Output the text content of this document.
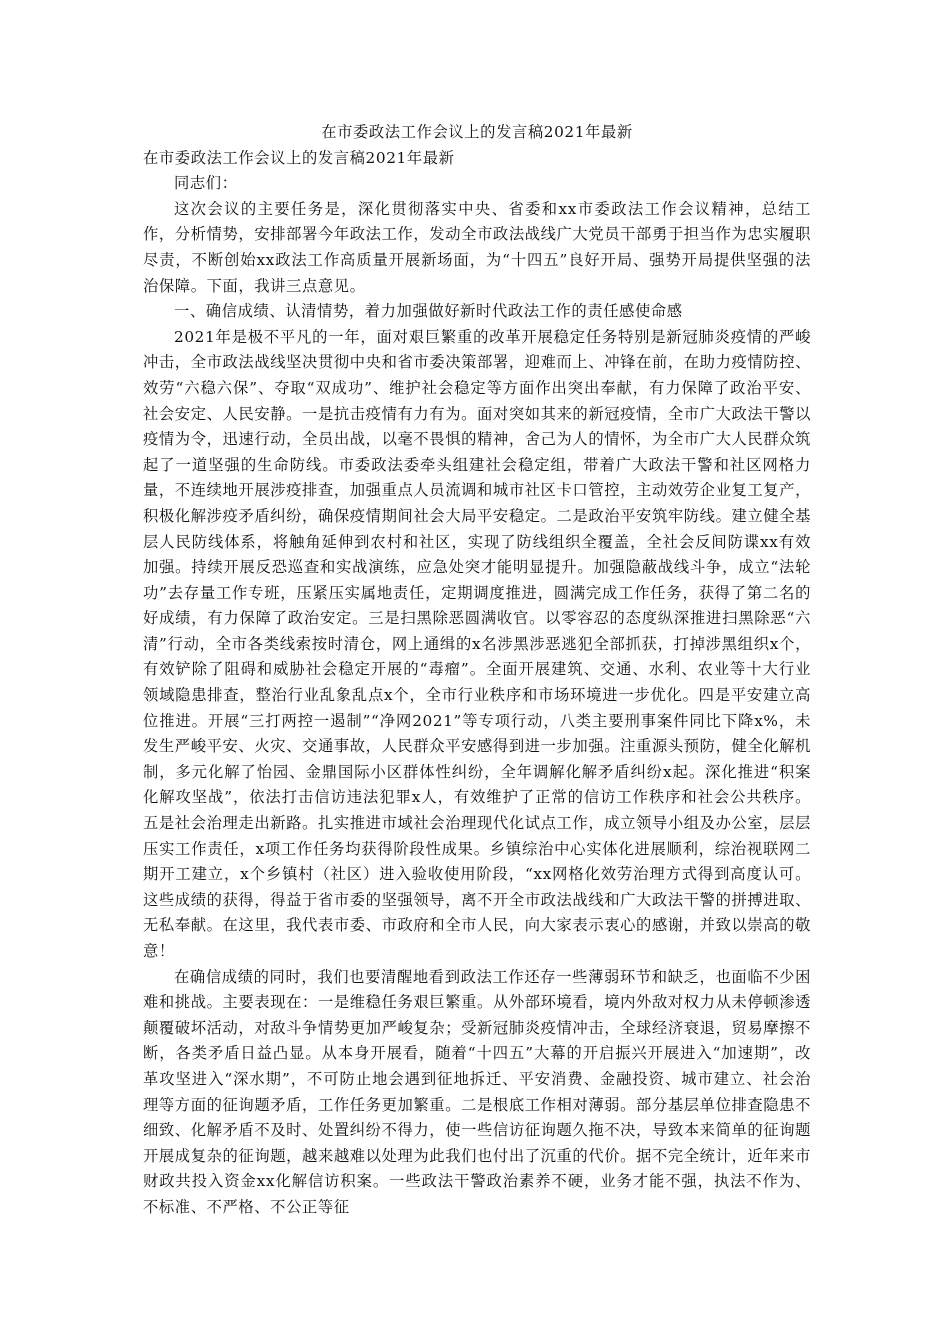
在市委政法工作会议上的发言稿2021年最新

在市委政法工作会议上的发言稿2021年最新

同志们：

这次会议的主要任务是，深化贯彻落实中央、省委和xx市委政法工作会议精神，总结工作，分析情势，安排部署今年政法工作，发动全市政法战线广大党员干部勇于担当作为忠实履职尽责，不断创始xx政法工作高质量开展新场面，为“十四五”良好开局、强势开局提供坚强的法治保障。下面，我讲三点意见。

一、确信成绩、认清情势，着力加强做好新时代政法工作的责任感使命感

2021年是极不平凡的一年，面对艰巨繁重的改革开展稳定任务特别是新冠肺炎疫情的严峻冲击，全市政法战线坚决贯彻中央和省市委决策部署，迎难而上、冲锋在前，在助力疫情防控、效劳“六稳六保”、夺取“双成功”、维护社会稳定等方面作出突出奉献，有力保障了政治平安、社会安定、人民安静。一是抗击疫情有力有为。面对突如其来的新冠疫情，全市广大政法干警以疫情为令，迅速行动，全员出战，以毫不畏惧的精神，舍己为人的情怀，为全市广大人民群众筑起了一道坚强的生命防线。市委政法委牵头组建社会稳定组，带着广大政法干警和社区网格力量，不连续地开展涉疫排查，加强重点人员流调和城市社区卡口管控，主动效劳企业复工复产，积极化解涉疫矛盾纠纷，确保疫情期间社会大局平安稳定。二是政治平安筑牢防线。建立健全基层人民防线体系，将触角延伸到农村和社区，实现了防线组织全覆盖，全社会反间防谍xx有效加强。持续开展反恐巡查和实战演练，应急处突才能明显提升。加强隐蔽战线斗争，成立“法轮功”去存量工作专班，压紧压实属地责任，定期调度推进，圆满完成工作任务，获得了第二名的好成绩，有力保障了政治安定。三是扫黑除恶圆满收官。以零容忍的态度纵深推进扫黑除恶“六清”行动，全市各类线索按时清仓，网上通缉的x名涉黑涉恶逃犯全部抓获，打掉涉黑组织x个，有效铲除了阻碍和威胁社会稳定开展的“毒瘤”。全面开展建筑、交通、水利、农业等十大行业领域隐患排查，整治行业乱象乱点x个，全市行业秩序和市场环境进一步优化。四是平安建立高位推进。开展“三打两控一遏制”“净网2021”等专项行动，八类主要刑事案件同比下降x%，未发生严峻平安、火灾、交通事故，人民群众平安感得到进一步加强。注重源头预防，健全化解机制，多元化解了怡园、金鼎国际小区群体性纠纷，全年调解化解矛盾纠纷x起。深化推进“积案化解攻坚战”，依法打击信访违法犯罪x人，有效维护了正常的信访工作秩序和社会公共秩序。五是社会治理走出新路。扎实推进市域社会治理现代化试点工作，成立领导小组及办公室，层层压实工作责任，x项工作任务均获得阶段性成果。乡镇综治中心实体化进展顺利，综治视联网二期开工建立，x个乡镇村（社区）进入验收使用阶段，“xx网格化效劳治理方式得到高度认可。这些成绩的获得，得益于省市委的坚强领导，离不开全市政法战线和广大政法干警的拼搏进取、无私奉献。在这里，我代表市委、市政府和全市人民，向大家表示衷心的感谢，并致以崇高的敬意！

在确信成绩的同时，我们也要清醒地看到政法工作还存一些薄弱环节和缺乏，也面临不少困难和挑战。主要表现在：一是维稳任务艰巨繁重。从外部环境看，境内外敌对权力从未停顿渗透颠覆破坏活动，对敌斗争情势更加严峻复杂；受新冠肺炎疫情冲击，全球经济衰退，贸易摩擦不断，各类矛盾日益凸显。从本身开展看，随着“十四五”大幕的开启振兴开展进入“加速期”，改革攻坚进入“深水期”，不可防止地会遇到征地拆迁、平安消费、金融投资、城市建立、社会治理等方面的征询题矛盾，工作任务更加繁重。二是根底工作相对薄弱。部分基层单位排查隐患不细致、化解矛盾不及时、处置纠纷不得力，使一些信访征询题久拖不决，导致本来简单的征询题开展成复杂的征询题，越来越难以处理为此我们也付出了沉重的代价。据不完全统计，近年来市财政共投入资金xx化解信访积案。一些政法干警政治素养不硬，业务才能不强，执法不作为、不标准、不严格、不公正等征
